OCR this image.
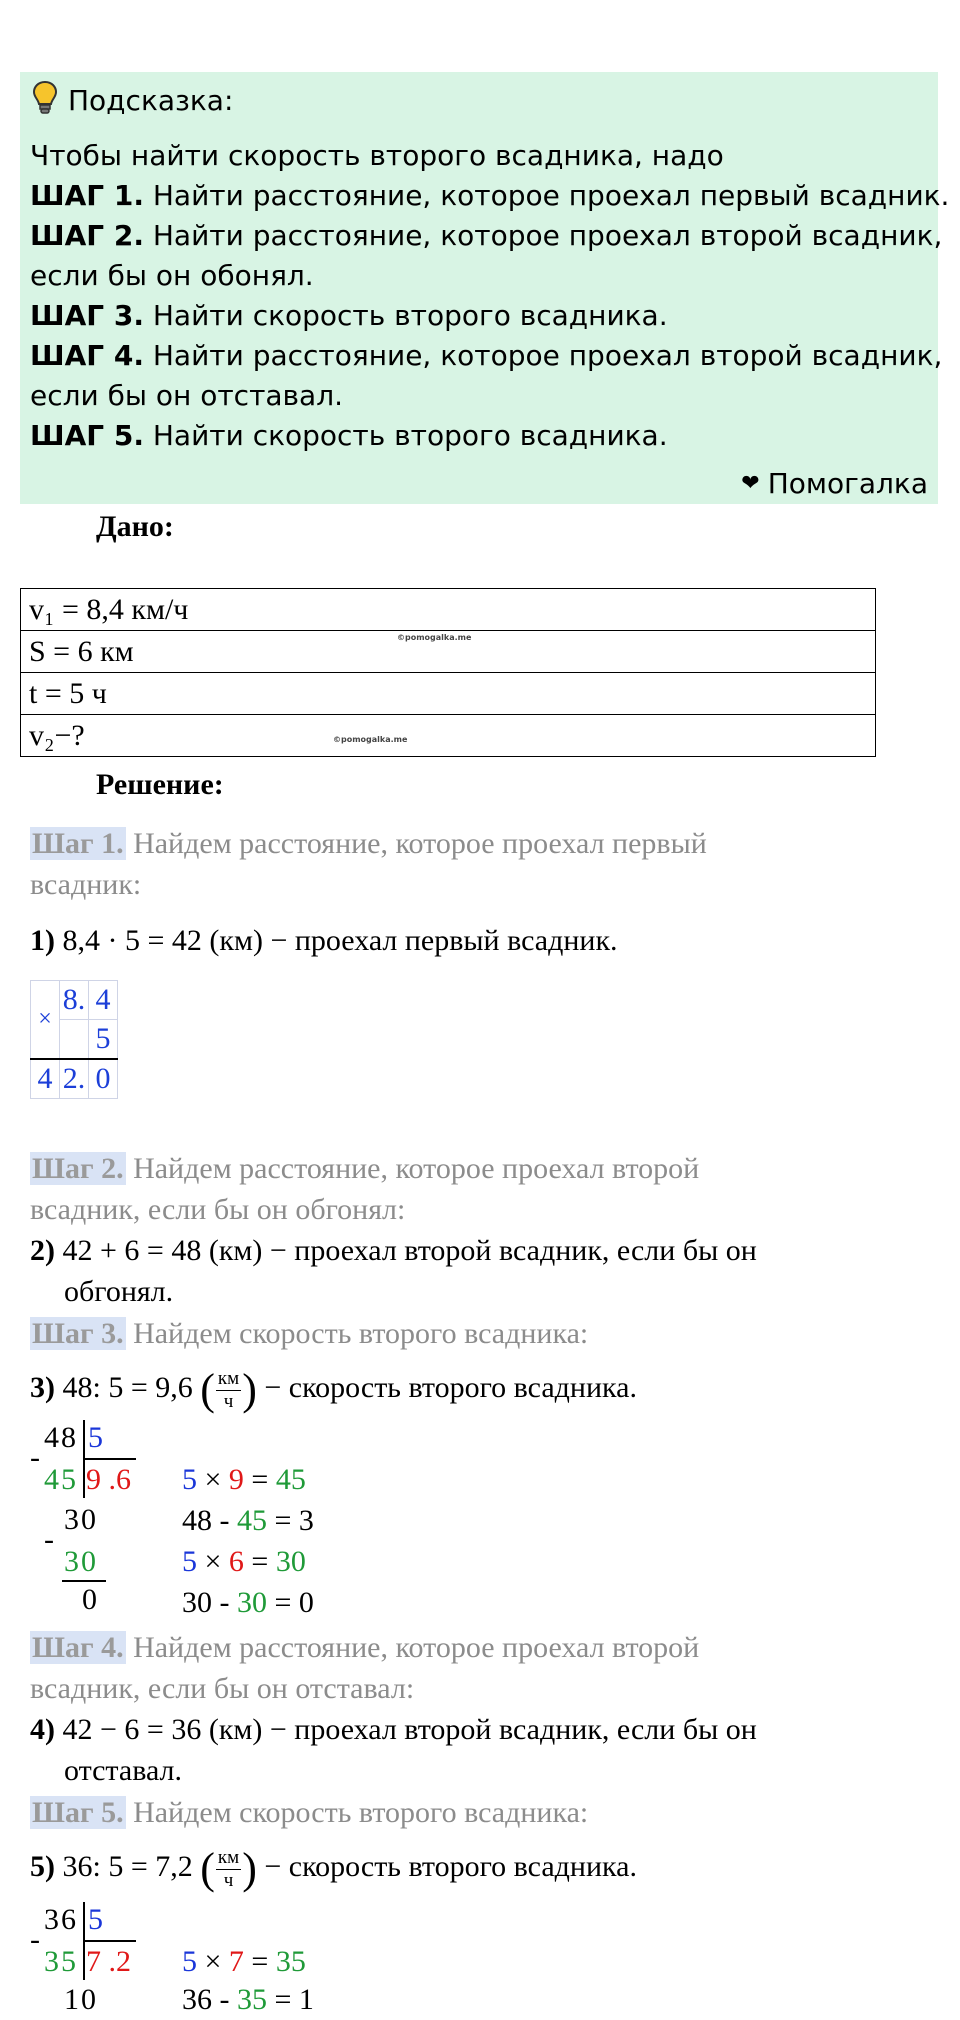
Подсказка:
Чтобы найти скорость второго всадника, надо
ШАГ 1. Найти расстояние, которое проехал первый всадник.
ШАГ 2. Найти расстояние, которое проехал второй всадник,
если бы он обонял.
ШАГ 3. Найти скорость второго всадника.
ШАГ 4. Найти расстояние, которое проехал второй всадник,
если бы он отставал.
ШАГ 5. Найти скорость второго всадника.
❤ Помогалка
Дано:
v₁ = 8,4 км/ч
S = 6 км	©pomogalka.me

t = 5 ч
v₂−?	©pomogalka.me
Решение:
Шаг 1. Найдем расстояние, которое проехал первый
всадник:
1) 8,4 · 5 = 42 (км) − проехал первый всадник.
×	8.	4
		5
4	2.	0
Шаг 2. Найдем расстояние, которое проехал второй
всадник, если бы он обгонял:
2) 42 + 6 = 48 (км) − проехал второй всадник, если бы он
обгонял.
Шаг 3. Найдем скорость второго всадника:
3) 48: 5 = 9,6 ( км
ч ) − скорость второго всадника.
48 5
-
45 9 .6
30
-
30
0
5 × 9 = 45
48 - 45 = 3
5 × 6 = 30
30 - 30 = 0
Шаг 4. Найдем расстояние, которое проехал второй
всадник, если бы он отставал:
4) 42 − 6 = 36 (км) − проехал второй всадник, если бы он
отставал.
Шаг 5. Найдем скорость второго всадника:
5) 36: 5 = 7,2 ( км
ч ) − скорость второго всадника.
36 5
-
35 7 .2
10
5 × 7 = 35
36 - 35 = 1
